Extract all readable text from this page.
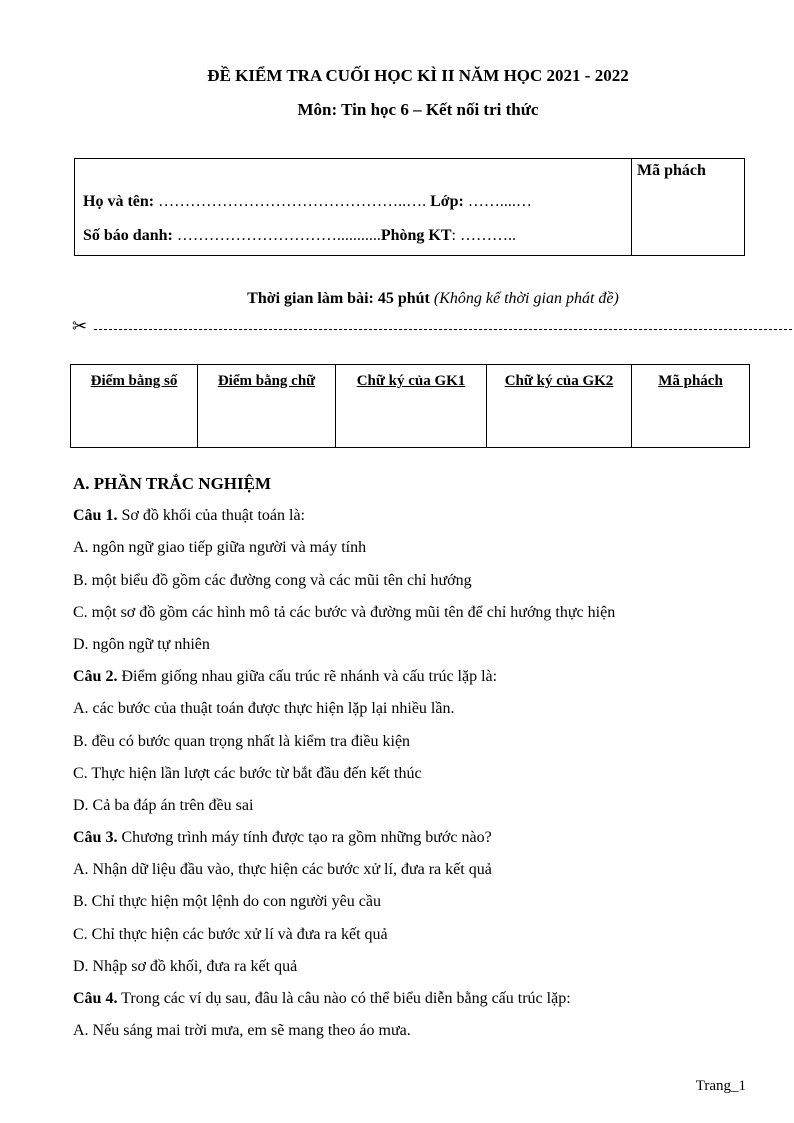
ĐỀ KIỂM TRA CUỐI HỌC KÌ II NĂM HỌC 2021 - 2022
Môn: Tin học 6 – Kết nối tri thức
Họ và tên: ………………………………………..…. Lớp: ……....…
Số báo danh: …………………………...........Phòng KT: ………..
Mã phách
Thời gian làm bài: 45 phút (Không kể thời gian phát đề)
✂
Điểm bằng số	Điểm bằng chữ	Chữ ký của GK1	Chữ ký của GK2	Mã phách
A. PHẦN TRẮC NGHIỆM
Câu 1. Sơ đồ khối của thuật toán là:
A. ngôn ngữ giao tiếp giữa người và máy tính
B. một biểu đồ gồm các đường cong và các mũi tên chỉ hướng
C. một sơ đồ gồm các hình mô tả các bước và đường mũi tên để chỉ hướng thực hiện
D. ngôn ngữ tự nhiên
Câu 2. Điểm giống nhau giữa cấu trúc rẽ nhánh và cấu trúc lặp là:
A. các bước của thuật toán được thực hiện lặp lại nhiều lần.
B. đều có bước quan trọng nhất là kiểm tra điều kiện
C. Thực hiện lần lượt các bước từ bắt đầu đến kết thúc
D. Cả ba đáp án trên đều sai
Câu 3. Chương trình máy tính được tạo ra gồm những bước nào?
A. Nhận dữ liệu đầu vào, thực hiện các bước xử lí, đưa ra kết quả
B. Chỉ thực hiện một lệnh do con người yêu cầu
C. Chỉ thực hiện các bước xử lí và đưa ra kết quả
D. Nhập sơ đồ khối, đưa ra kết quả
Câu 4. Trong các ví dụ sau, đâu là câu nào có thể biểu diễn bằng cấu trúc lặp:
A. Nếu sáng mai trời mưa, em sẽ mang theo áo mưa.
Trang_1
